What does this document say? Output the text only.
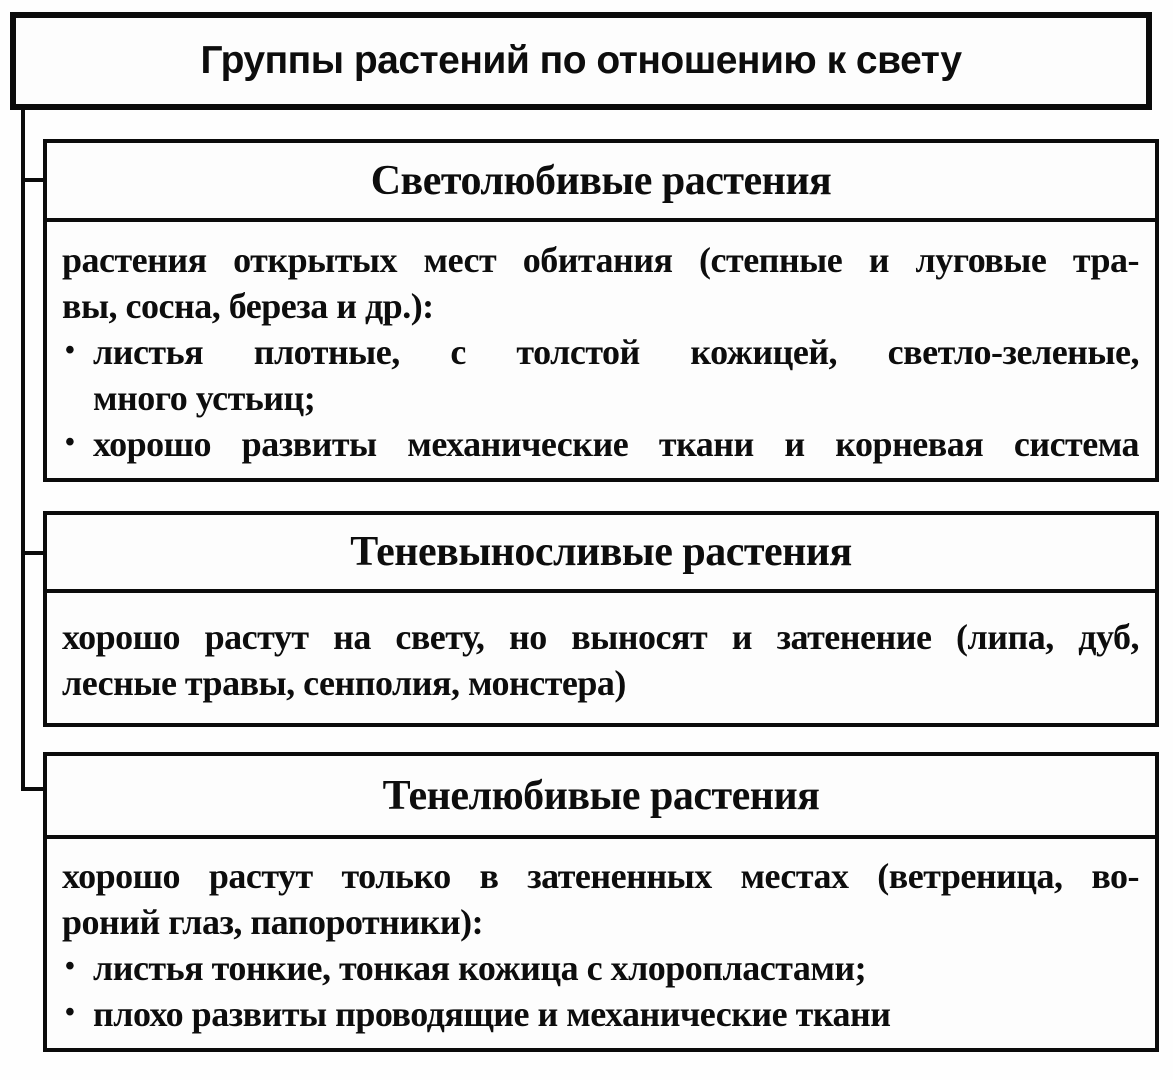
Группы растений по отношению к свету
Светолюбивые растения
растения открытых мест обитания (степные и луговые тра-
вы, сосна, береза и др.):
• листья плотные, с толстой кожицей, светло-зеленые,
много устьиц;
• хорошо развиты механические ткани и корневая система
Теневыносливые растения
хорошо растут на свету, но выносят и затенение (липа, дуб,
лесные травы, сенполия, монстера)
Тенелюбивые растения
хорошо растут только в затененных местах (ветреница, во-
роний глаз, папоротники):
• листья тонкие, тонкая кожица с хлоропластами;
• плохо развиты проводящие и механические ткани
